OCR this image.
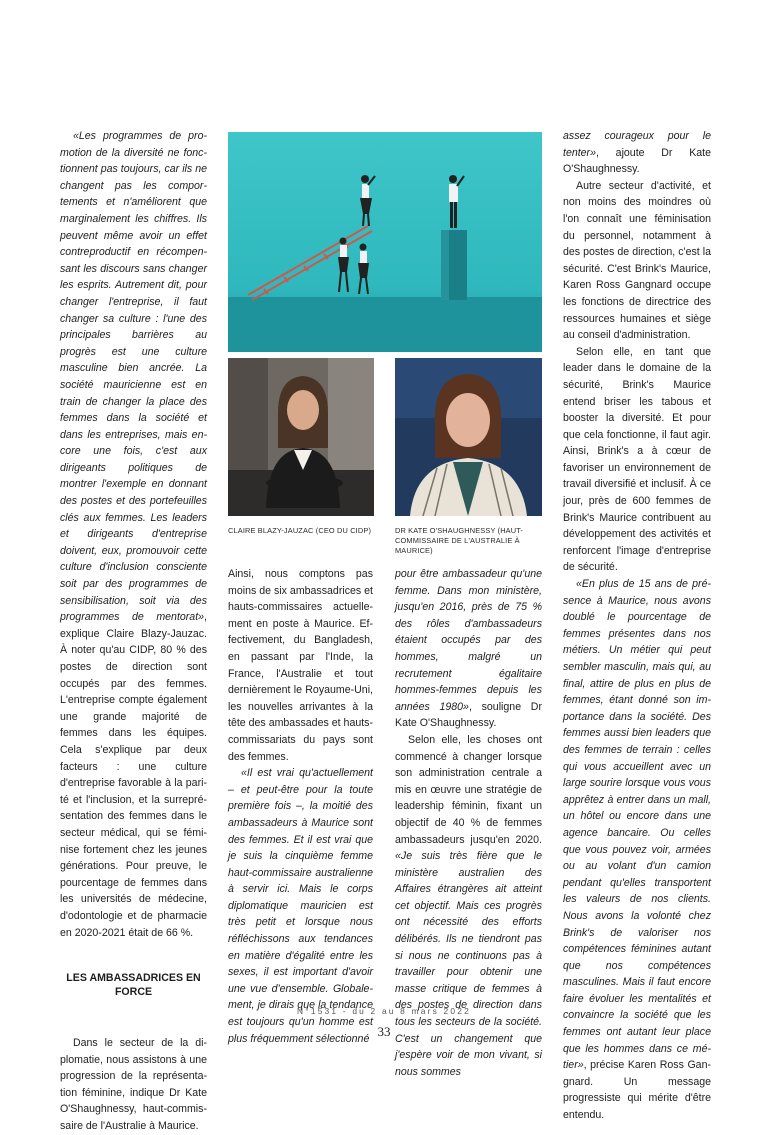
«Les programmes de promotion de la diversité ne fonctionnent pas toujours, car ils ne changent pas les comportements et n'améliorent que marginalement les chiffres. Ils peuvent même avoir un effet contreproductif en récompensant les discours sans changer les esprits. Autrement dit, pour changer l'entreprise, il faut changer sa culture : l'une des principales barrières au progrès est une culture masculine bien ancrée. La société mauricienne est en train de changer la place des femmes dans la société et dans les entreprises, mais encore une fois, c'est aux dirigeants politiques de montrer l'exemple en donnant des postes et des portefeuilles clés aux femmes. Les leaders et dirigeants d'entreprise doivent, eux, promouvoir cette culture d'inclusion consciente soit par des programmes de sensibilisation, soit via des programmes de mentorat», explique Claire Blazy-Jauzac. À noter qu'au CIDP, 80 % des postes de direction sont occupés par des femmes. L'entreprise compte également une grande majorité de femmes dans les équipes. Cela s'explique par deux facteurs : une culture d'entreprise favorable à la parité et l'inclusion, et la surreprésentation des femmes dans le secteur médical, qui se féminise fortement chez les jeunes générations. Pour preuve, le pourcentage de femmes dans les universités de médecine, d'odontologie et de pharmacie en 2020-2021 était de 66 %.

LES AMBASSADRICES EN FORCE

Dans le secteur de la diplomatie, nous assistons à une progression de la représentation féminine, indique Dr Kate O'Shaughnessy, haut-commissaire de l'Australie à Maurice.

CLAIRE BLAZY-JAUZAC (CEO DU CIDP)	DR KATE O'SHAUGHNESSY (HAUT-COMMISSAIRE DE L'AUSTRALIE À MAURICE)

Ainsi, nous comptons pas moins de six ambassadrices et hauts-commissaires actuellement en poste à Maurice. Effectivement, du Bangladesh, en passant par l'Inde, la France, l'Australie et tout dernièrement le Royaume-Uni, les nouvelles arrivantes à la tête des ambassades et hauts-commissariats du pays sont des femmes.

«Il est vrai qu'actuellement – et peut-être pour la toute première fois –, la moitié des ambassadeurs à Maurice sont des femmes. Et il est vrai que je suis la cinquième femme haut-commissaire australienne à servir ici. Mais le corps diplomatique mauricien est très petit et lorsque nous réfléchissons aux tendances en matière d'égalité entre les sexes, il est important d'avoir une vue d'ensemble. Globalement, je dirais que la tendance est toujours qu'un homme est plus fréquemment sélectionné

pour être ambassadeur qu'une femme. Dans mon ministère, jusqu'en 2016, près de 75 % des rôles d'ambassadeurs étaient occupés par des hommes, malgré un recrutement égalitaire hommes-femmes depuis les années 1980», souligne Dr Kate O'Shaughnessy.

Selon elle, les choses ont commencé à changer lorsque son administration centrale a mis en œuvre une stratégie de leadership féminin, fixant un objectif de 40 % de femmes ambassadeurs jusqu'en 2020. «Je suis très fière que le ministère australien des Affaires étrangères ait atteint cet objectif. Mais ces progrès ont nécessité des efforts délibérés. Ils ne tiendront pas si nous ne continuons pas à travailler pour obtenir une masse critique de femmes à des postes de direction dans tous les secteurs de la société. C'est un changement que j'espère voir de mon vivant, si nous sommes

assez courageux pour le tenter», ajoute Dr Kate O'Shaughnessy.

Autre secteur d'activité, et non moins des moindres où l'on connaît une féminisation du personnel, notamment à des postes de direction, c'est la sécurité. C'est Brink's Maurice, Karen Ross Gangnard occupe les fonctions de directrice des ressources humaines et siège au conseil d'administration.

Selon elle, en tant que leader dans le domaine de la sécurité, Brink's Maurice entend briser les tabous et booster la diversité. Et pour que cela fonctionne, il faut agir. Ainsi, Brink's a à cœur de favoriser un environnement de travail diversifié et inclusif. À ce jour, près de 600 femmes de Brink's Maurice contribuent au développement des activités et renforcent l'image d'entreprise de sécurité.

«En plus de 15 ans de présence à Maurice, nous avons doublé le pourcentage de femmes présentes dans nos métiers. Un métier qui peut sembler masculin, mais qui, au final, attire de plus en plus de femmes, étant donné son importance dans la société. Des femmes aussi bien leaders que des femmes de terrain : celles qui vous accueillent avec un large sourire lorsque vous vous apprêtez à entrer dans un mall, un hôtel ou encore dans une agence bancaire. Ou celles que vous pouvez voir, armées ou au volant d'un camion pendant qu'elles transportent les valeurs de nos clients. Nous avons la volonté chez Brink's de valoriser nos compétences féminines autant que nos compétences masculines. Mais il faut encore faire évoluer les mentalités et convaincre la société que les femmes ont autant leur place que les hommes dans ce métier», précise Karen Ross Gangnard. Un message progressiste qui mérite d'être entendu.

N°1531 - du 2 au 8 mars 2022
33
